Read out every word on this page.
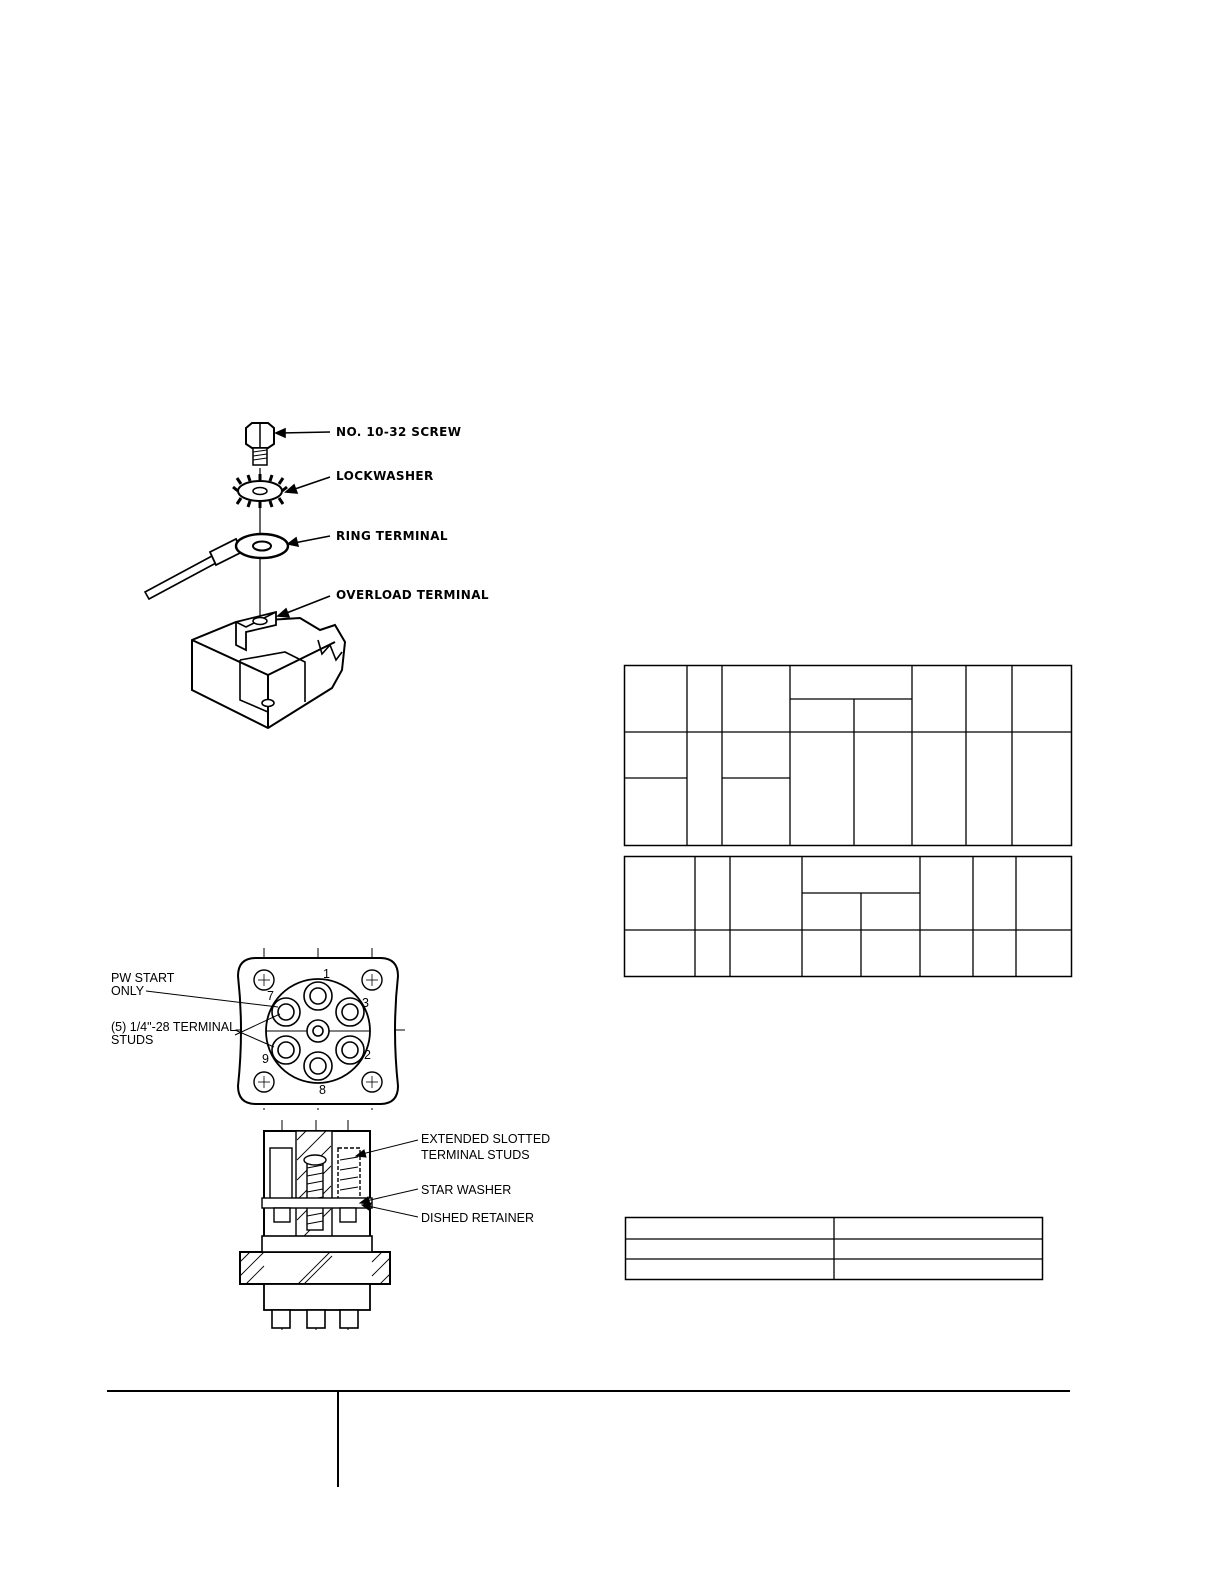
NO. 10-32 SCREW
LOCKWASHER
RING TERMINAL
OVERLOAD TERMINAL
1
3
2
8
9
7
PW START
ONLY
(5) 1/4"-28 TERMINAL
STUDS
EXTENDED SLOTTED
TERMINAL STUDS
STAR WASHER
DISHED RETAINER
